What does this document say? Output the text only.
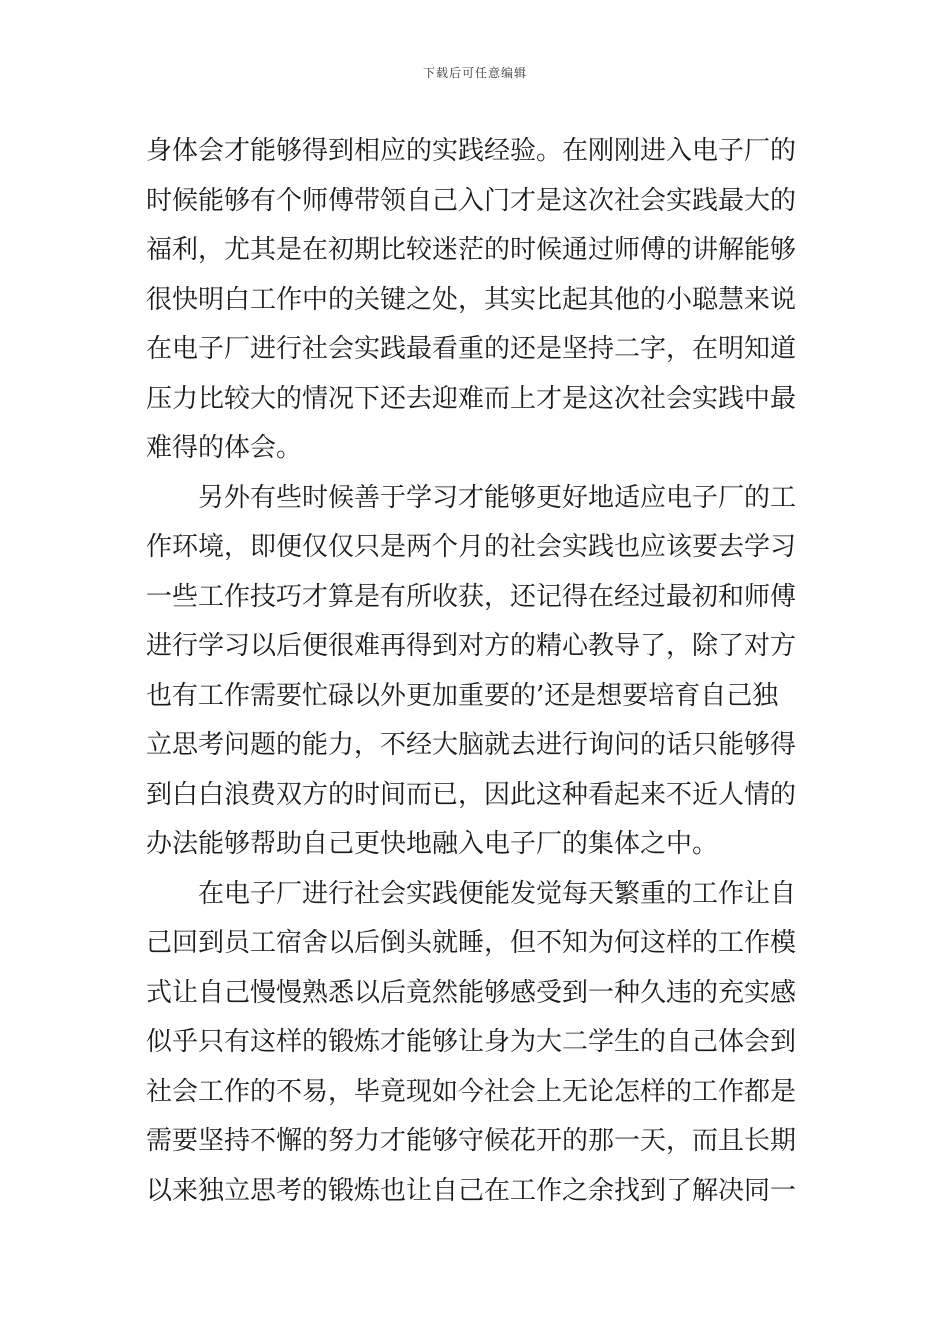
下载后可任意编辑
身体会才能够得到相应的实践经验。在刚刚进入电子厂的
时候能够有个师傅带领自己入门才是这次社会实践最大的
福利，尤其是在初期比较迷茫的时候通过师傅的讲解能够
很快明白工作中的关键之处，其实比起其他的小聪慧来说
在电子厂进行社会实践最看重的还是坚持二字，在明知道
压力比较大的情况下还去迎难而上才是这次社会实践中最
难得的体会。
另外有些时候善于学习才能够更好地适应电子厂的工
作环境，即便仅仅只是两个月的社会实践也应该要去学习
一些工作技巧才算是有所收获，还记得在经过最初和师傅
进行学习以后便很难再得到对方的精心教导了，除了对方
也有工作需要忙碌以外更加重要的’还是想要培育自己独
立思考问题的能力，不经大脑就去进行询问的话只能够得
到白白浪费双方的时间而已，因此这种看起来不近人情的
办法能够帮助自己更快地融入电子厂的集体之中。
在电子厂进行社会实践便能发觉每天繁重的工作让自
己回到员工宿舍以后倒头就睡，但不知为何这样的工作模
式让自己慢慢熟悉以后竟然能够感受到一种久违的充实感
似乎只有这样的锻炼才能够让身为大二学生的自己体会到
社会工作的不易，毕竟现如今社会上无论怎样的工作都是
需要坚持不懈的努力才能够守候花开的那一天，而且长期
以来独立思考的锻炼也让自己在工作之余找到了解决同一
